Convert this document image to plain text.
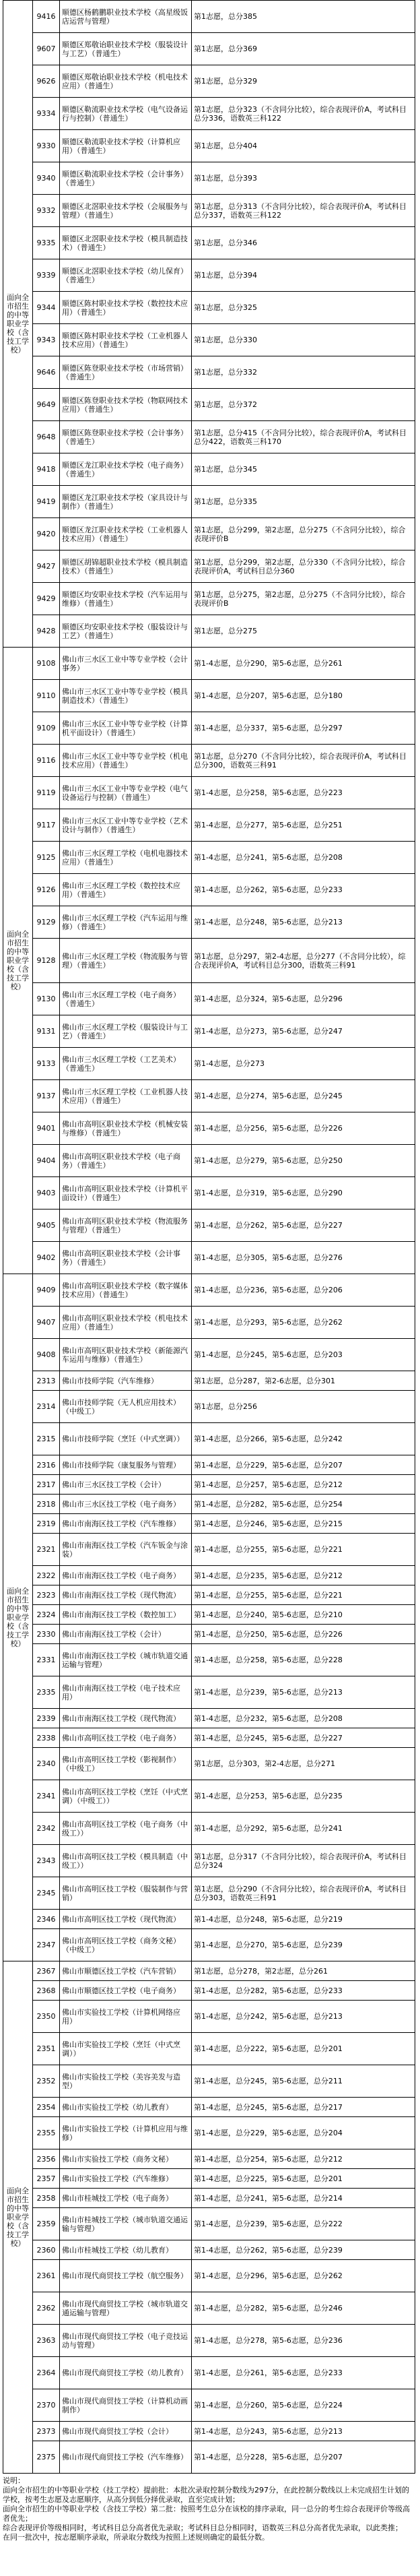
面向全市招生的中等职业学校（含技工学校）	9416	顺德区杨鹤鹏职业技术学校（高星级饭店运营与管理）	第1志愿，总分385
	9607	顺德区郑敬诒职业技术学校（服装设计与工艺）（普通生）	第1志愿，总分369
	9626	顺德区郑敬诒职业技术学校（机电技术应用）（普通生）	第1志愿，总分329
	9334	顺德区勒流职业技术学校（电气设备运行与控制）（普通生）	第1志愿，总分323（不含同分比较），综合表现评价A，考试科目总分336，语数英三科122
	9330	顺德区勒流职业技术学校（计算机应用）（普通生）	第1志愿，总分404
	9340	顺德区勒流职业技术学校（会计事务）（普通生）	第1志愿，总分393
	9332	顺德区北滘职业技术学校（会展服务与管理）（普通生）	第1志愿，总分313（不含同分比较），综合表现评价A，考试科目总分337，语数英三科122
	9335	顺德区北滘职业技术学校（模具制造技术）（普通生）	第1志愿，总分346
	9339	顺德区北滘职业技术学校（幼儿保育）（普通生）	第1志愿，总分394
	9344	顺德区陈村职业技术学校（数控技术应用）（普通生）	第1志愿，总分325
	9343	顺德区陈村职业技术学校（工业机器人技术应用）（普通生）	第1志愿，总分330
	9646	顺德区陈登职业技术学校（市场营销）（普通生）	第1志愿，总分332
	9649	顺德区陈登职业技术学校（物联网技术应用）（普通生）	第1志愿，总分372
	9648	顺德区陈登职业技术学校（会计事务）（普通生）	第1志愿，总分415（不含同分比较），综合表现评价A，考试科目总分422，语数英三科170
	9418	顺德区龙江职业技术学校（电子商务）（普通生）	第1志愿，总分345
	9419	顺德区龙江职业技术学校（家具设计与制作）（普通生）	第1志愿，总分335
	9420	顺德区龙江职业技术学校（工业机器人技术应用）（普通生）	第1志愿，总分299，第2志愿，总分275（不含同分比较），综合表现评价B
	9427	顺德区胡锦超职业技术学校（模具制造技术）（普通生）	第1志愿，总分299，第2志愿，总分330（不含同分比较），综合表现评价A，考试科目总分360
	9429	顺德区均安职业技术学校（汽车运用与维修）（普通生）	第1志愿，总分275，第2志愿，总分275（不含同分比较），综合表现评价B
	9428	顺德区均安职业技术学校（服装设计与工艺）（普通生）	第1志愿，总分275
面向全市招生的中等职业学校（含技工学校）	9108	佛山市三水区工业中等专业学校（会计事务）	第1-4志愿，总分290，第5-6志愿，总分261
	9110	佛山市三水区工业中等专业学校（模具制造技术）（普通生）	第1-4志愿，总分207，第5-6志愿，总分180
	9109	佛山市三水区工业中等专业学校（计算机平面设计）（普通生）	第1-4志愿，总分337，第5-6志愿，总分297
	9116	佛山市三水区工业中等专业学校（机电技术应用）（普通生）	第1志愿，总分270（不含同分比较），综合表现评价A，考试科目总分300，语数英三科91
	9119	佛山市三水区工业中等专业学校（电气设备运行与控制）（普通生）	第1-4志愿，总分258，第5-6志愿，总分223
	9117	佛山市三水区工业中等专业学校（艺术设计与制作）（普通生）	第1-4志愿，总分277，第5-6志愿，总分251
	9125	佛山市三水区理工学校（电机电器技术应用）（普通生）	第1-4志愿，总分241，第5-6志愿，总分208
	9126	佛山市三水区理工学校（数控技术应用）（普通生）	第1-4志愿，总分262，第5-6志愿，总分233
	9129	佛山市三水区理工学校（汽车运用与维修）（普通生）	第1-4志愿，总分248，第5-6志愿，总分213
	9128	佛山市三水区理工学校（物流服务与管理）（普通生）	第1志愿，总分297，第2-4志愿，总分277（不含同分比较），综合表现评价A，考试科目总分300，语数英三科91
	9130	佛山市三水区理工学校（电子商务）（普通生）	第1-4志愿，总分324，第5-6志愿，总分296
	9131	佛山市三水区理工学校（服装设计与工艺）（普通生）	第1-4志愿，总分273，第5-6志愿，总分247
	9133	佛山市三水区理工学校（工艺美术）（普通生）	第1-4志愿，总分273
	9137	佛山市三水区理工学校（工业机器人技术应用）（普通生）	第1-4志愿，总分274，第5-6志愿，总分245
	9401	佛山市高明区职业技术学校（机械安装与维修）（普通生）	第1-4志愿，总分256，第5-6志愿，总分226
	9404	佛山市高明区职业技术学校（电子商务）（普通生）	第1-4志愿，总分279，第5-6志愿，总分250
	9403	佛山市高明区职业技术学校（计算机平面设计）（普通生）	第1-4志愿，总分319，第5-6志愿，总分290
	9405	佛山市高明区职业技术学校（物流服务与管理）（普通生）	第1-4志愿，总分262，第5-6志愿，总分227
	9402	佛山市高明区职业技术学校（会计事务）（普通生）	第1-4志愿，总分305，第5-6志愿，总分276
面向全市招生的中等职业学校（含技工学校）	9409	佛山市高明区职业技术学校（数字媒体技术应用）（普通生）	第1-4志愿，总分236，第5-6志愿，总分206
	9407	佛山市高明区职业技术学校（机电技术应用）（普通生）	第1-4志愿，总分293，第5-6志愿，总分262
	9408	佛山市高明区职业技术学校（新能源汽车运用与维修）（普通生）	第1-4志愿，总分245，第5-6志愿，总分203
	2313	佛山市技师学院（汽车维修）	第1志愿，总分287，第2-6志愿，总分301
	2314	佛山市技师学院（无人机应用技术）（中级工）	第1志愿，总分256
	2315	佛山市技师学院（烹饪（中式烹调））	第1-4志愿，总分266，第5-6志愿，总分242
	2316	佛山市技师学院（康复服务与管理）	第1-4志愿，总分229，第5-6志愿，总分207
	2317	佛山市三水区技工学校（会计）	第1-4志愿，总分257，第5-6志愿，总分212
	2318	佛山市三水区技工学校（电子商务）	第1-4志愿，总分282，第5-6志愿，总分254
	2319	佛山市南海区技工学校（汽车维修）	第1-4志愿，总分246，第5-6志愿，总分215
	2321	佛山市南海区技工学校（汽车钣金与涂装）	第1-4志愿，总分255，第5-6志愿，总分221
	2322	佛山市南海区技工学校（电子商务）	第1-4志愿，总分235，第5-6志愿，总分212
	2323	佛山市南海区技工学校（现代物流）	第1-4志愿，总分255，第5-6志愿，总分221
	2324	佛山市南海区技工学校（数控加工）	第1-4志愿，总分240，第5-6志愿，总分210
	2330	佛山市南海区技工学校（会计）	第1-4志愿，总分250，第5-6志愿，总分226
	2331	佛山市南海区技工学校（城市轨道交通运输与管理）	第1-4志愿，总分258，第5-6志愿，总分228
	2335	佛山市南海区技工学校（电子技术应用）	第1-4志愿，总分239，第5-6志愿，总分213
	2339	佛山市南海区技工学校（现代物流）	第1-4志愿，总分232，第5-6志愿，总分208
	2338	佛山市高明区技工学校（电子商务）	第1-4志愿，总分245，第5-6志愿，总分227
	2340	佛山市高明区技工学校（影视制作）（中级工）	第1志愿，总分303，第2-4志愿，总分271
	2341	佛山市高明区技工学校（烹饪（中式烹调）（中级工））	第1-4志愿，总分253，第5-6志愿，总分235
	2342	佛山市高明区技工学校（电子商务（中级工））	第1-4志愿，总分292，第5-6志愿，总分241
	2343	佛山市高明区技工学校（模具制造（中级工））	第1志愿，总分317（不含同分比较），综合表现评价A，考试科目总分324
	2345	佛山市高明区技工学校（服装制作与营销）	第1志愿，总分290（不含同分比较），综合表现评价A，考试科目总分303，语数英三科91
	2346	佛山市高明区技工学校（现代物流）	第1-4志愿，总分248，第5-6志愿，总分219
	2347	佛山市高明区技工学校（商务文秘）（中级工）	第1-4志愿，总分270，第5-6志愿，总分239
面向全市招生的中等职业学校（含技工学校）	2367	佛山市顺德区技工学校（汽车营销）	第1志愿，总分278，第2志愿，总分261
	2368	佛山市顺德区技工学校（电子商务）	第1-4志愿，总分282，第5-6志愿，总分233
	2350	佛山市实验技工学校（计算机网络应用）	第1-4志愿，总分242，第5-6志愿，总分213
	2351	佛山市实验技工学校（烹饪（中式烹调））	第1-4志愿，总分222，第5-6志愿，总分201
	2352	佛山市实验技工学校（美容美发与造型）	第1-4志愿，总分245，第5-6志愿，总分211
	2354	佛山市实验技工学校（幼儿教育）	第1-4志愿，总分245，第5-6志愿，总分217
	2355	佛山市实验技工学校（计算机应用与维修）	第1-4志愿，总分229，第5-6志愿，总分204
	2356	佛山市实验技工学校（商务文秘）	第1-4志愿，总分254，第5-6志愿，总分212
	2357	佛山市实验技工学校（汽车维修）	第1-4志愿，总分225，第5-6志愿，总分201
	2358	佛山市桂城技工学校（电子商务）	第1-4志愿，总分241，第5-6志愿，总分214
	2359	佛山市桂城技工学校（城市轨道交通运输与管理）	第1-4志愿，总分239，第5-6志愿，总分222
	2360	佛山市桂城技工学校（幼儿教育）	第1-4志愿，总分262，第5-6志愿，总分239
	2361	佛山市现代商贸技工学校（航空服务）	第1-4志愿，总分296，第5-6志愿，总分262
	2362	佛山市现代商贸技工学校（城市轨道交通运输与管理）	第1-4志愿，总分282，第5-6志愿，总分246
	2363	佛山市现代商贸技工学校（电子竞技运动与管理）	第1-4志愿，总分278，第5-6志愿，总分236
	2364	佛山市现代商贸技工学校（幼儿教育）	第1-4志愿，总分261，第5-6志愿，总分233
	2370	佛山市现代商贸技工学校（计算机动画制作）	第1-4志愿，总分260，第5-6志愿，总分224
	2373	佛山市现代商贸技工学校（会计）	第1-4志愿，总分243，第5-6志愿，总分213
	2375	佛山市现代商贸技工学校（汽车维修）	第1-4志愿，总分228，第5-6志愿，总分207

说明：

面向全市招生的中等职业学校（技工学校）提前批：本批次录取控制分数线为297分，在此控制分数线以上未完成招生计划的学校，按考生志愿及志愿顺序，从高分到低分择优录取，直至完成计划；

面向全市招生的中等职业学校（含技工学校）第二批：按照考生总分在该校的排序录取，同一总分的考生综合表现评价等级高者优先；

综合表现评价等级相同时，考试科目总分高者优先录取；考试科目总分相同时，语数英三科总分高者优先录取，以此类推；

在同一批次中，按志愿顺序录取，所录取分数线为按照上述规则确定的最低分数。
